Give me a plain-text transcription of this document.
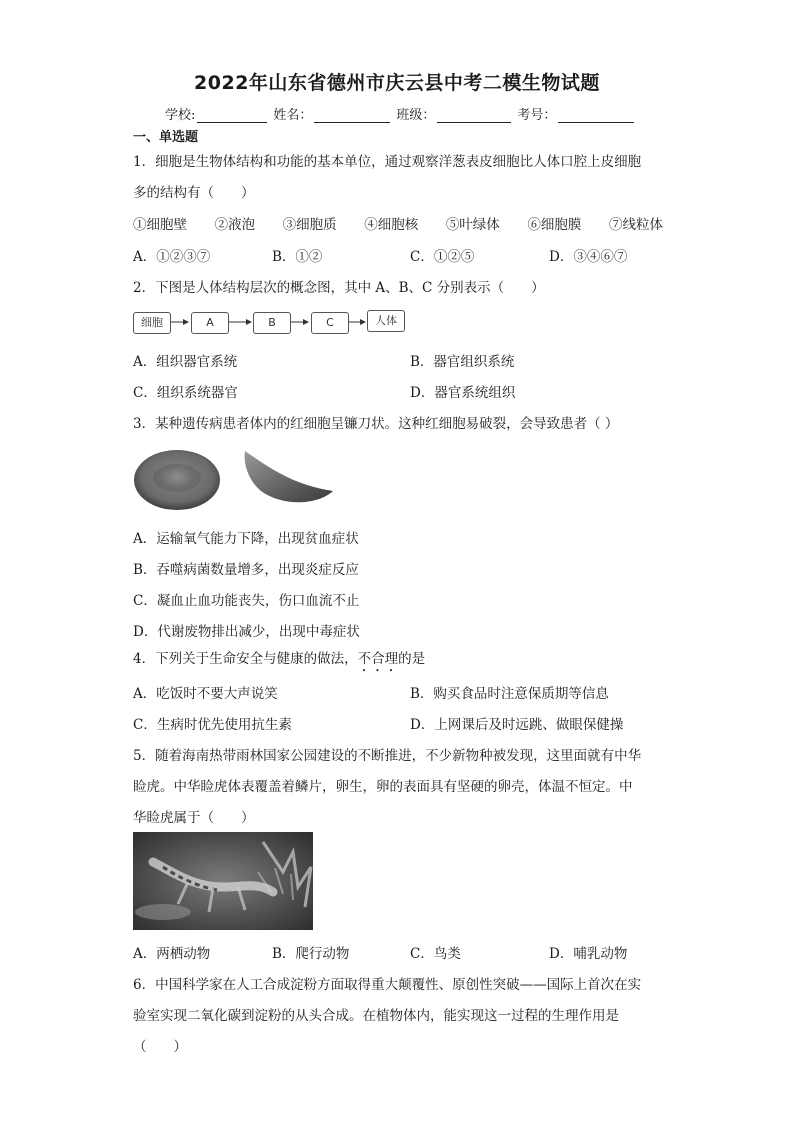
2022年山东省德州市庆云县中考二模生物试题
学校:	姓名：	班级：	考号：
一、单选题
1．细胞是生物体结构和功能的基本单位，通过观察洋葱表皮细胞比人体口腔上皮细胞
多的结构有（　　）
①细胞壁 ②液泡 ③细胞质 ④细胞核 ⑤叶绿体 ⑥细胞膜 ⑦线粒体
A．①②③⑦	B．①②	C．①②⑤	D．③④⑥⑦
2．下图是人体结构层次的概念图，其中 A、B、C 分别表示（　　）
细胞	A	B	C	人体
A．组织器官系统	B．器官组织系统
C．组织系统器官	D．器官系统组织
3．某种遗传病患者体内的红细胞呈镰刀状。这种红细胞易破裂，会导致患者（ ）
A．运输氧气能力下降，出现贫血症状
B．吞噬病菌数量增多，出现炎症反应
C．凝血止血功能丧失，伤口血流不止
D．代谢废物排出减少，出现中毒症状
4．下列关于生命安全与健康的做法，不合理的是
A．吃饭时不要大声说笑	B．购买食品时注意保质期等信息
C．生病时优先使用抗生素	D．上网课后及时远跳、做眼保健操
5．随着海南热带雨林国家公园建设的不断推进，不少新物种被发现，这里面就有中华
睑虎。中华睑虎体表覆盖着鳞片，卵生，卵的表面具有坚硬的卵壳，体温不恒定。中
华睑虎属于（　　）
A．两栖动物	B．爬行动物	C．鸟类	D．哺乳动物
6．中国科学家在人工合成淀粉方面取得重大颠覆性、原创性突破——国际上首次在实
验室实现二氧化碳到淀粉的从头合成。在植物体内，能实现这一过程的生理作用是
（　　）
